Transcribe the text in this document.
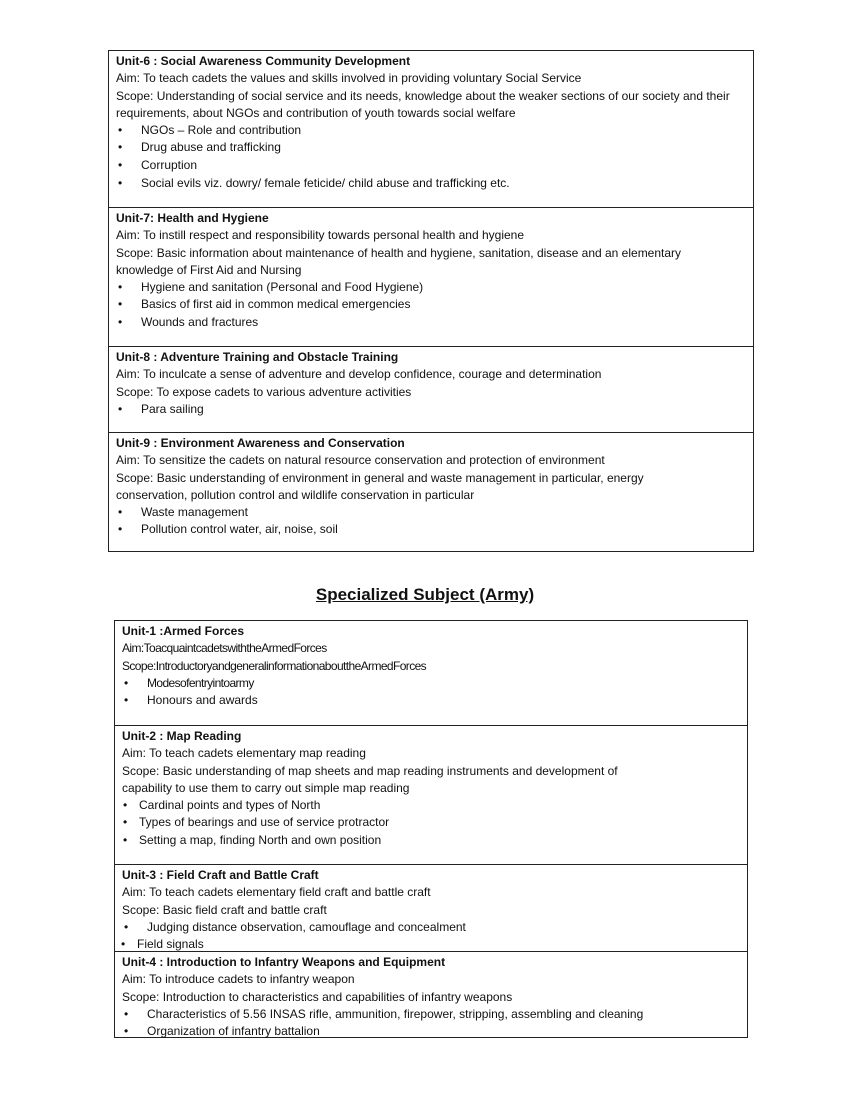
Unit-6 : Social Awareness Community Development
Aim: To teach cadets the values and skills involved in providing voluntary Social Service
Scope: Understanding of social service and its needs, knowledge about the weaker sections of our society and their requirements, about NGOs and contribution of youth towards social welfare
• NGOs – Role and contribution
• Drug abuse and trafficking
• Corruption
• Social evils viz. dowry/ female feticide/ child abuse and trafficking etc.
Unit-7: Health and Hygiene
Aim: To instill respect and responsibility towards personal health and hygiene
Scope: Basic information about maintenance of health and hygiene, sanitation, disease and an elementary knowledge of First Aid and Nursing
• Hygiene and sanitation (Personal and Food Hygiene)
• Basics of first aid in common medical emergencies
• Wounds and fractures
Unit-8 : Adventure Training and Obstacle Training
Aim: To inculcate a sense of adventure and develop confidence, courage and determination
Scope: To expose cadets to various adventure activities
• Para sailing
Unit-9 : Environment Awareness and Conservation
Aim: To sensitize the cadets on natural resource conservation and protection of environment
Scope: Basic understanding of environment in general and waste management in particular, energy conservation, pollution control and wildlife conservation in particular
• Waste management
• Pollution control water, air, noise, soil
Specialized Subject (Army)
Unit-1 :Armed Forces
Aim:ToacquaintcadetswiththeArmedForces
Scope:IntroductoryandgeneralinformationabouttheArmedForces
• Modesofentryintoarmy
• Honours and awards
Unit-2 : Map Reading
Aim: To teach cadets elementary map reading
Scope: Basic understanding of map sheets and map reading instruments and development of capability to use them to carry out simple map reading
• Cardinal points and types of North
• Types of bearings and use of service protractor
• Setting a map, finding North and own position
Unit-3 : Field Craft and Battle Craft
Aim: To teach cadets elementary field craft and battle craft
Scope: Basic field craft and battle craft
• Judging distance observation, camouflage and concealment
• Field signals
Unit-4 : Introduction to Infantry Weapons and Equipment
Aim: To introduce cadets to infantry weapon
Scope: Introduction to characteristics and capabilities of infantry weapons
• Characteristics of 5.56 INSAS rifle, ammunition, firepower, stripping, assembling and cleaning
• Organization of infantry battalion
